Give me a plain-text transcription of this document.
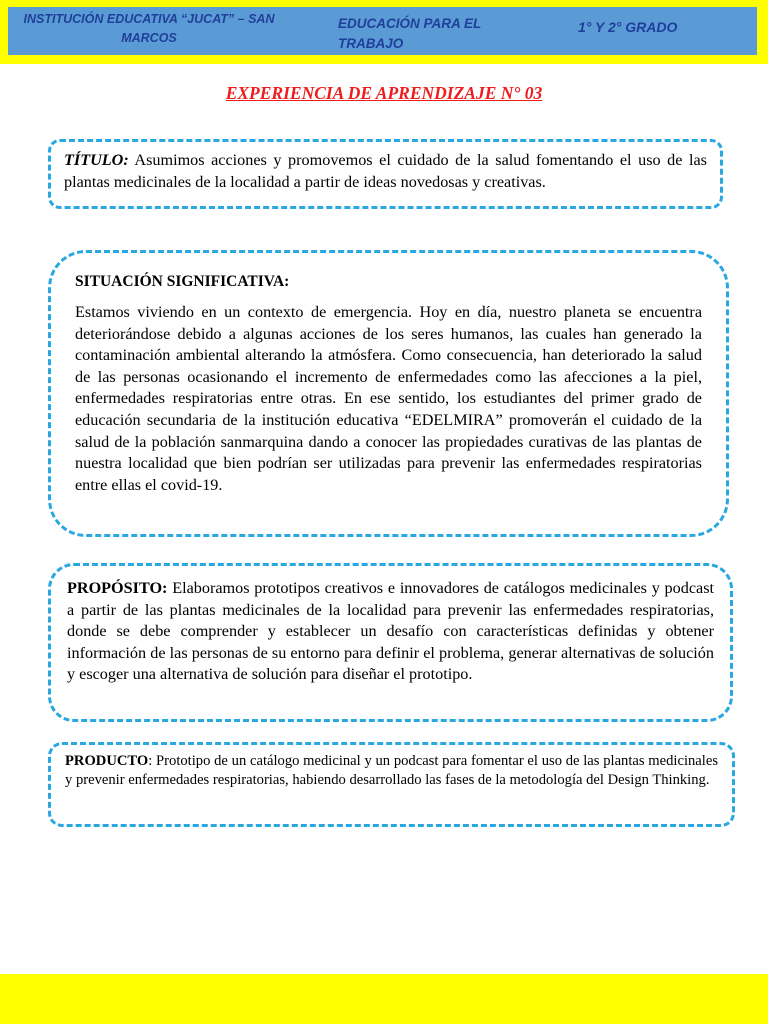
INSTITUCIÓN EDUCATIVA “JUCAT” – SAN MARCOS
EDUCACIÓN PARA EL TRABAJO
1° Y 2° GRADO
EXPERIENCIA DE APRENDIZAJE N° 03
TÍTULO: Asumimos acciones y promovemos el cuidado de la salud fomentando el uso de las plantas medicinales de la localidad a partir de ideas novedosas y creativas.
SITUACIÓN SIGNIFICATIVA:
Estamos viviendo en un contexto de emergencia. Hoy en día, nuestro planeta se encuentra deteriorándose debido a algunas acciones de los seres humanos, las cuales han generado la contaminación ambiental alterando la atmósfera. Como consecuencia, han deteriorado la salud de las personas ocasionando el incremento de enfermedades como las afecciones a la piel, enfermedades respiratorias entre otras. En ese sentido, los estudiantes del primer grado de educación secundaria de la institución educativa “EDELMIRA” promoverán el cuidado de la salud de la población sanmarquina dando a conocer las propiedades curativas de las plantas de nuestra localidad que bien podrían ser utilizadas para prevenir las enfermedades respiratorias entre ellas el covid-19.
PROPÓSITO: Elaboramos prototipos creativos e innovadores de catálogos medicinales y podcast a partir de las plantas medicinales de la localidad para prevenir las enfermedades respiratorias, donde se debe comprender y establecer un desafío con características definidas y obtener información de las personas de su entorno para definir el problema, generar alternativas de solución y escoger una alternativa de solución para diseñar el prototipo.
PRODUCTO: Prototipo de un catálogo medicinal y un podcast para fomentar el uso de las plantas medicinales y prevenir enfermedades respiratorias, habiendo desarrollado las fases de la metodología del Design Thinking.
